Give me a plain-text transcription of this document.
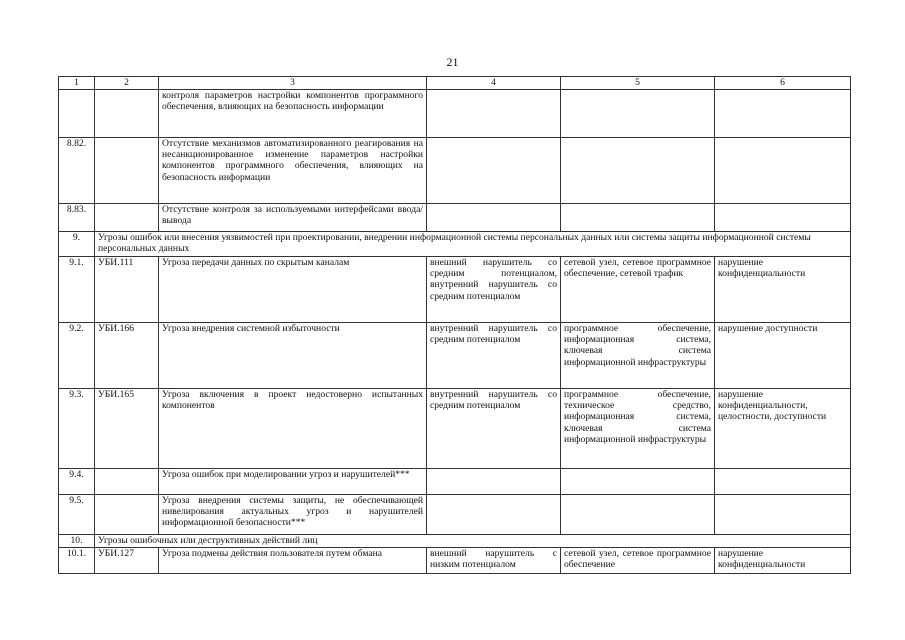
21
1	2	3	4	5	6
		контроля параметров настройки компонентов программного обеспечения, влияющих на безопасность информации			
8.82.		Отсутствие механизмов автоматизированного реагирования на несанкционированное изменение параметров настройки компонентов программного обеспечения, влияющих на безопасность информации			
8.83.		Отсутствие контроля за используемыми интерфейсами ввода/вывода			
9.	Угрозы ошибок или внесения уязвимостей при проектировании, внедрении информационной системы персональных данных или системы защиты информационной системы персональных данных				
9.1.	УБИ.111	Угроза передачи данных по скрытым каналам	внешний нарушитель со средним потенциалом, внутренний нарушитель со средним потенциалом	сетевой узел, сетевое программное обеспечение, сетевой трафик	нарушение конфиденциальности
9.2.	УБИ.166	Угроза внедрения системной избыточности	внутренний нарушитель со средним потенциалом	программное обеспечение, информационная система, ключевая система информационной инфраструктуры	нарушение доступности
9.3.	УБИ.165	Угроза включения в проект недостоверно испытанных компонентов	внутренний нарушитель со средним потенциалом	программное обеспечение, техническое средство, информационная система, ключевая система информационной инфраструктуры	нарушение конфиденциальности, целостности, доступности
9.4.		Угроза ошибок при моделировании угроз и нарушителей***			
9.5.		Угроза внедрения системы защиты, не обеспечивающей нивелирования актуальных угроз и нарушителей информационной безопасности***			
10.	Угрозы ошибочных или деструктивных действий лиц				
10.1.	УБИ.127	Угроза подмены действия пользователя путем обмана	внешний нарушитель с низким потенциалом	сетевой узел, сетевое программное обеспечение	нарушение конфиденциальности
